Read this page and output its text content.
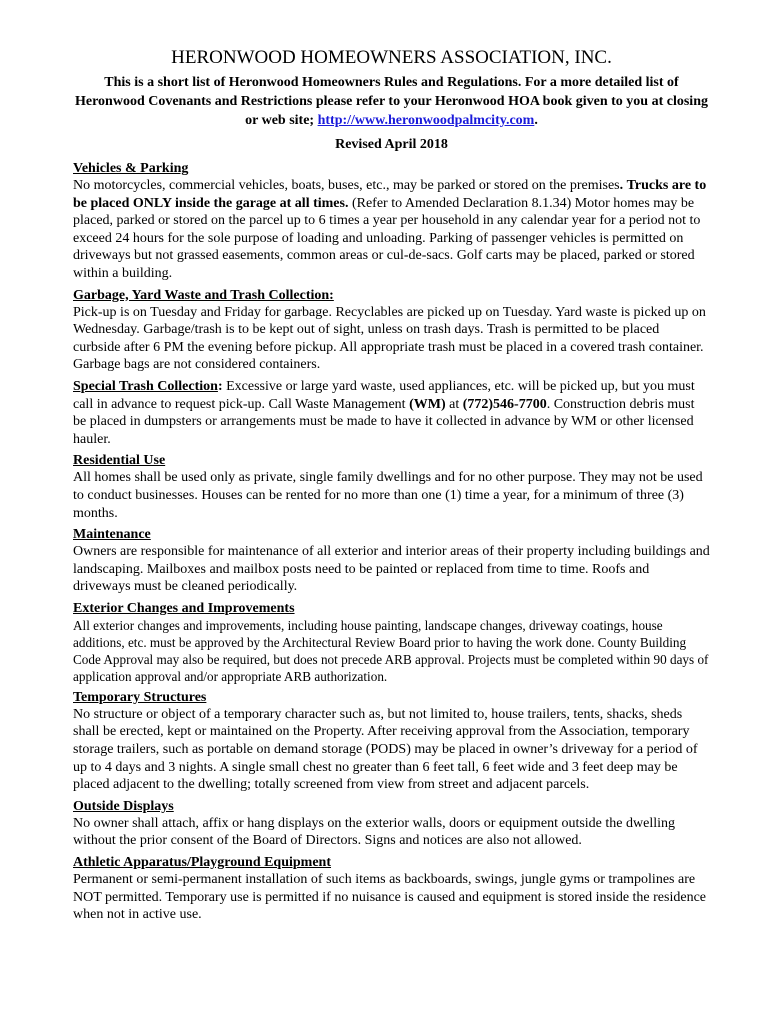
HERONWOOD HOMEOWNERS ASSOCIATION, INC.

This is a short list of Heronwood Homeowners Rules and Regulations. For a more detailed list of Heronwood Covenants and Restrictions please refer to your Heronwood HOA book given to you at closing or web site; http://www.heronwoodpalmcity.com.

Revised April 2018

Vehicles & Parking

No motorcycles, commercial vehicles, boats, buses, etc., may be parked or stored on the premises. Trucks are to be placed ONLY inside the garage at all times. (Refer to Amended Declaration 8.1.34) Motor homes may be placed, parked or stored on the parcel up to 6 times a year per household in any calendar year for a period not to exceed 24 hours for the sole purpose of loading and unloading. Parking of passenger vehicles is permitted on driveways but not grassed easements, common areas or cul-de-sacs. Golf carts may be placed, parked or stored within a building.

Garbage, Yard Waste and Trash Collection:

Pick-up is on Tuesday and Friday for garbage. Recyclables are picked up on Tuesday. Yard waste is picked up on Wednesday. Garbage/trash is to be kept out of sight, unless on trash days. Trash is permitted to be placed curbside after 6 PM the evening before pickup. All appropriate trash must be placed in a covered trash container. Garbage bags are not considered containers.

Special Trash Collection: Excessive or large yard waste, used appliances, etc. will be picked up, but you must call in advance to request pick-up. Call Waste Management (WM) at (772)546-7700. Construction debris must be placed in dumpsters or arrangements must be made to have it collected in advance by WM or other licensed hauler.

Residential Use

All homes shall be used only as private, single family dwellings and for no other purpose. They may not be used to conduct businesses. Houses can be rented for no more than one (1) time a year, for a minimum of three (3) months.

Maintenance

Owners are responsible for maintenance of all exterior and interior areas of their property including buildings and landscaping. Mailboxes and mailbox posts need to be painted or replaced from time to time. Roofs and driveways must be cleaned periodically.

Exterior Changes and Improvements

All exterior changes and improvements, including house painting, landscape changes, driveway coatings, house additions, etc. must be approved by the Architectural Review Board prior to having the work done. County Building Code Approval may also be required, but does not precede ARB approval. Projects must be completed within 90 days of application approval and/or appropriate ARB authorization.

Temporary Structures

No structure or object of a temporary character such as, but not limited to, house trailers, tents, shacks, sheds shall be erected, kept or maintained on the Property. After receiving approval from the Association, temporary storage trailers, such as portable on demand storage (PODS) may be placed in owner’s driveway for a period of up to 4 days and 3 nights. A single small chest no greater than 6 feet tall, 6 feet wide and 3 feet deep may be placed adjacent to the dwelling; totally screened from view from street and adjacent parcels.

Outside Displays

No owner shall attach, affix or hang displays on the exterior walls, doors or equipment outside the dwelling without the prior consent of the Board of Directors. Signs and notices are also not allowed.

Athletic Apparatus/Playground Equipment

Permanent or semi-permanent installation of such items as backboards, swings, jungle gyms or trampolines are NOT permitted. Temporary use is permitted if no nuisance is caused and equipment is stored inside the residence when not in active use.
